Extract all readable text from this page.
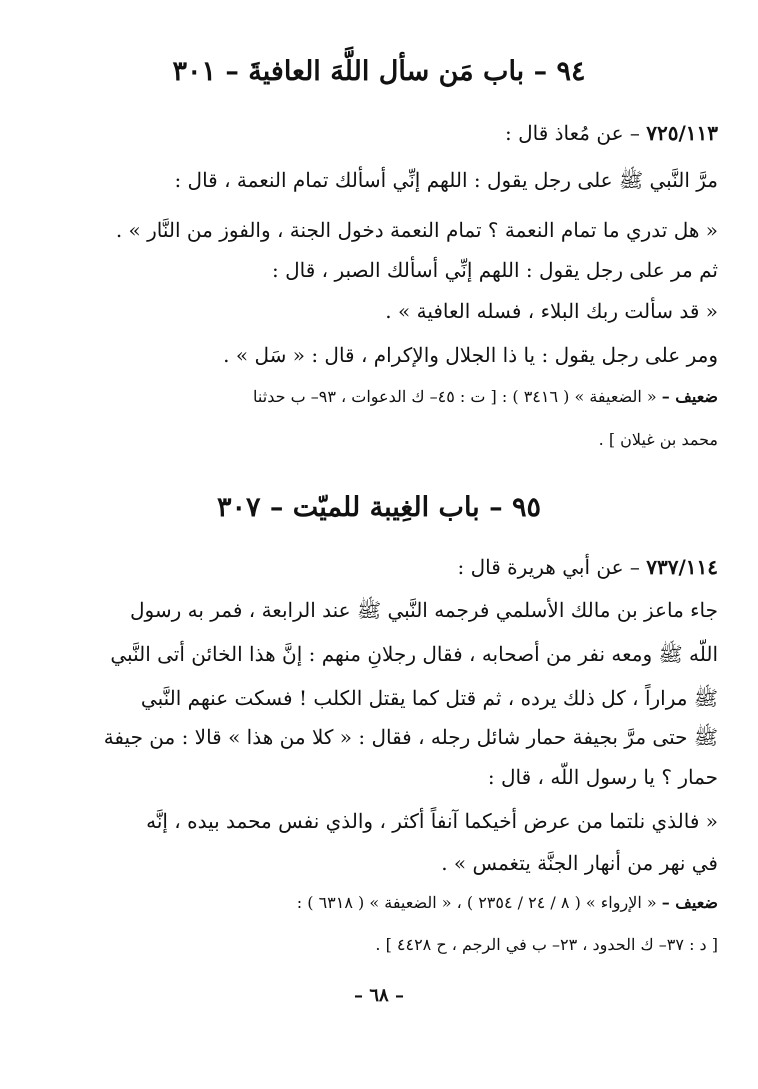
٩٤ – باب مَن سأل اللَّهَ العافيةَ – ٣٠١
٧٢٥/١١٣ – عن مُعاذ قال :
مرَّ النَّبي ﷺ على رجل يقول : اللهم إنِّي أسألك تمام النعمة ، قال :
« هل تدري ما تمام النعمة ؟ تمام النعمة دخول الجنة ، والفوز من النَّار » .
ثم مر على رجل يقول : اللهم إنِّي أسألك الصبر ، قال :
« قد سألت ربك البلاء ، فسله العافية » .
ومر على رجل يقول : يا ذا الجلال والإكرام ، قال : « سَل » .
ضعيف – « الضعيفة » ( ٣٤١٦ ) : [ ت : ٤٥– ك الدعوات ، ٩٣– ب حدثنا
محمد بن غيلان ] .
٩٥ – باب الغِيبة للميّت – ٣٠٧
٧٣٧/١١٤ – عن أبي هريرة قال :
جاء ماعز بن مالك الأسلمي فرجمه النَّبي ﷺ عند الرابعة ، فمر به رسول
اللَّه ﷺ ومعه نفر من أصحابه ، فقال رجلانِ منهم : إنَّ هذا الخائن أتى النَّبي
ﷺ مراراً ، كل ذلك يرده ، ثم قتل كما يقتل الكلب ! فسكت عنهم النَّبي
ﷺ حتى مرَّ بجيفة حمار شائل رجله ، فقال : « كلا من هذا » قالا : من جيفة
حمار ؟ يا رسول اللَّه ، قال :
« فالذي نلتما من عرض أخيكما آنفاً أكثر ، والذي نفس محمد بيده ، إنَّه
في نهر من أنهار الجنَّة يتغمس » .
ضعيف – « الإرواء » ( ٨ / ٢٤ / ٢٣٥٤ ) ، « الضعيفة » ( ٦٣١٨ ) :
[ د : ٣٧– ك الحدود ، ٢٣– ب في الرجم ، ح ٤٤٢٨ ] .
– ٦٨ –
